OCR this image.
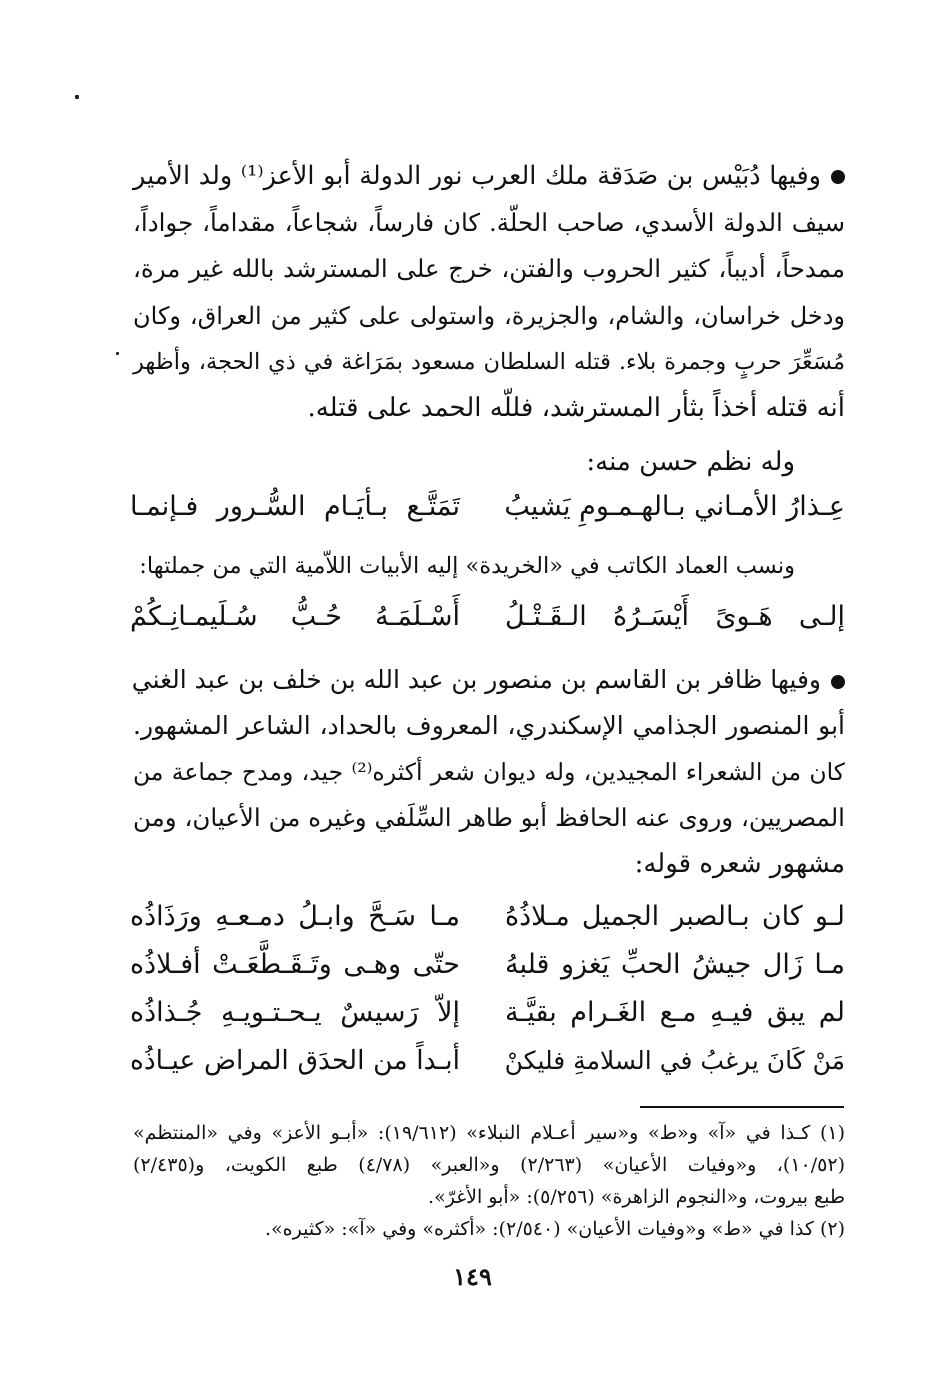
وفيها دُبَيْس بن صَدَقة ملك العرب نور الدولة أبو الأعز⁽¹⁾ ولد الأمير
سيف الدولة الأسدي، صاحب الحلّة. كان فارساً، شجاعاً، مقداماً، جواداً،
ممدحاً، أديباً، كثير الحروب والفتن، خرج على المسترشد بالله غير مرة،
ودخل خراسان، والشام، والجزيرة، واستولى على كثير من العراق، وكان
مُسَعِّرَ حربٍ وجمرة بلاء. قتله السلطان مسعود بمَرَاغة في ذي الحجة، وأظهر
أنه قتله أخذاً بثأر المسترشد، فللّه الحمد على قتله.
وله نظم حسن منه:
تَمَتَّـع بـأيَـام السُّـرور فـإنمـا عِـذارُ الأمـاني بـالهـمـومِ يَشيبُ
ونسب العماد الكاتب في «الخريدة» إليه الأبيات اللاّمية التي من جملتها:
أَسْـلَمَـهُ حُـبُّ سُـلَيمـانِـكُمْ إلـى هَـوىً أَيْسَـرُهُ الـقَـتْـلُ
وفيها ظافر بن القاسم بن منصور بن عبد الله بن خلف بن عبد الغني
أبو المنصور الجذامي الإسكندري، المعروف بالحداد، الشاعر المشهور.
كان من الشعراء المجيدين، وله ديوان شعر أكثره⁽²⁾ جيد، ومدح جماعة من
المصريين، وروى عنه الحافظ أبو طاهر السِّلَفي وغيره من الأعيان، ومن
مشهور شعره قوله:
لـو كان بـالصبر الجميل مـلاذُهُ
مـا سَـحَّ وابـلُ دمـعـهِ ورَذَاذُه
مـا زَال جيشُ الحبِّ يَغزو قلبهُ
حتّى وهـى وتَـقَـطَّعَـتْ أفـلاذُه
لم يبق فيـهِ مـع الغَـرام بقيَّـة
إلاّ رَسيسٌ يـحـتـويـهِ جُـذاذُه
مَنْ كَانَ يرغبُ في السلامةِ فليكنْ
أبـداً من الحدَق المراض عيـاذُه
(١) كـذا في «آ» و«ط» و«سير أعـلام النبلاء» (١٩/٦١٢): «أبـو الأعز» وفي «المنتظم»
(١٠/٥٢)، و«وفيات الأعيان» (٢/٢٦٣) و«العبر» (٤/٧٨) طبع الكويت، و(٢/٤٣٥)
طبع بيروت، و«النجوم الزاهرة» (٥/٢٥٦): «أبو الأغرّ».
(٢) كذا في «ط» و«وفيات الأعيان» (٢/٥٤٠): «أكثره» وفي «آ»: «كثيره».
١٤٩
